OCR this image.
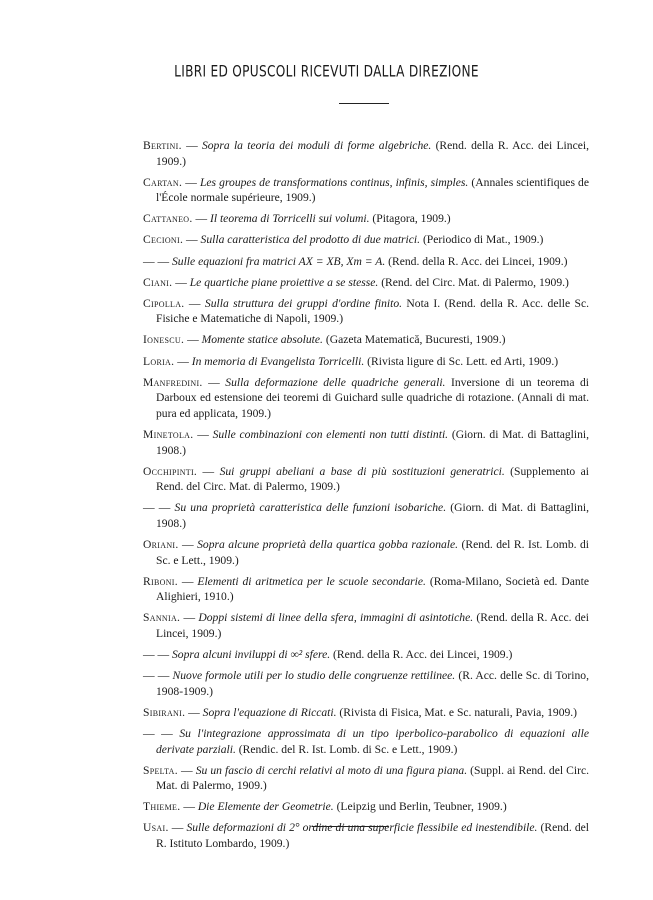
LIBRI ED OPUSCOLI RICEVUTI DALLA DIREZIONE
Bertini. — Sopra la teoria dei moduli di forme algebriche. (Rend. della R. Acc. dei Lincei, 1909.)
Cartan. — Les groupes de transformations continus, infinis, simples. (Annales scientifiques de l'École normale supérieure, 1909.)
Cattaneo. — Il teorema di Torricelli sui volumi. (Pitagora, 1909.)
Cecioni. — Sulla caratteristica del prodotto di due matrici. (Periodico di Mat., 1909.)
— — Sulle equazioni fra matrici AX = XB, Xm = A. (Rend. della R. Acc. dei Lincei, 1909.)
Ciani. — Le quartiche piane proiettive a se stesse. (Rend. del Circ. Mat. di Palermo, 1909.)
Cipolla. — Sulla struttura dei gruppi d'ordine finito. Nota I. (Rend. della R. Acc. delle Sc. Fisiche e Matematiche di Napoli, 1909.)
Ionescu. — Momente statice absolute. (Gazeta Matematică, Bucuresti, 1909.)
Loria. — In memoria di Evangelista Torricelli. (Rivista ligure di Sc. Lett. ed Arti, 1909.)
Manfredini. — Sulla deformazione delle quadriche generali. Inversione di un teorema di Darboux ed estensione dei teoremi di Guichard sulle quadriche di rotazione. (Annali di mat. pura ed applicata, 1909.)
Minetola. — Sulle combinazioni con elementi non tutti distinti. (Giorn. di Mat. di Battaglini, 1908.)
Occhipinti. — Sui gruppi abeliani a base di più sostituzioni generatrici. (Supplemento ai Rend. del Circ. Mat. di Palermo, 1909.)
— — Su una proprietà caratteristica delle funzioni isobariche. (Giorn. di Mat. di Battaglini, 1908.)
Oriani. — Sopra alcune proprietà della quartica gobba razionale. (Rend. del R. Ist. Lomb. di Sc. e Lett., 1909.)
Riboni. — Elementi di aritmetica per le scuole secondarie. (Roma-Milano, Società ed. Dante Alighieri, 1910.)
Sannia. — Doppi sistemi di linee della sfera, immagini di asintotiche. (Rend. della R. Acc. dei Lincei, 1909.)
— — Sopra alcuni inviluppi di ∞² sfere. (Rend. della R. Acc. dei Lincei, 1909.)
— — Nuove formole utili per lo studio delle congruenze rettilinee. (R. Acc. delle Sc. di Torino, 1908-1909.)
Sibirani. — Sopra l'equazione di Riccati. (Rivista di Fisica, Mat. e Sc. naturali, Pavia, 1909.)
— — Su l'integrazione approssimata di un tipo iperbolico-parabolico di equazioni alle derivate parziali. (Rendic. del R. Ist. Lomb. di Sc. e Lett., 1909.)
Spelta. — Su un fascio di cerchi relativi al moto di una figura piana. (Suppl. ai Rend. del Circ. Mat. di Palermo, 1909.)
Thieme. — Die Elemente der Geometrie. (Leipzig und Berlin, Teubner, 1909.)
Usai. — Sulle deformazioni di 2° ordine di una superficie flessibile ed inestendibile. (Rend. del R. Istituto Lombardo, 1909.)
